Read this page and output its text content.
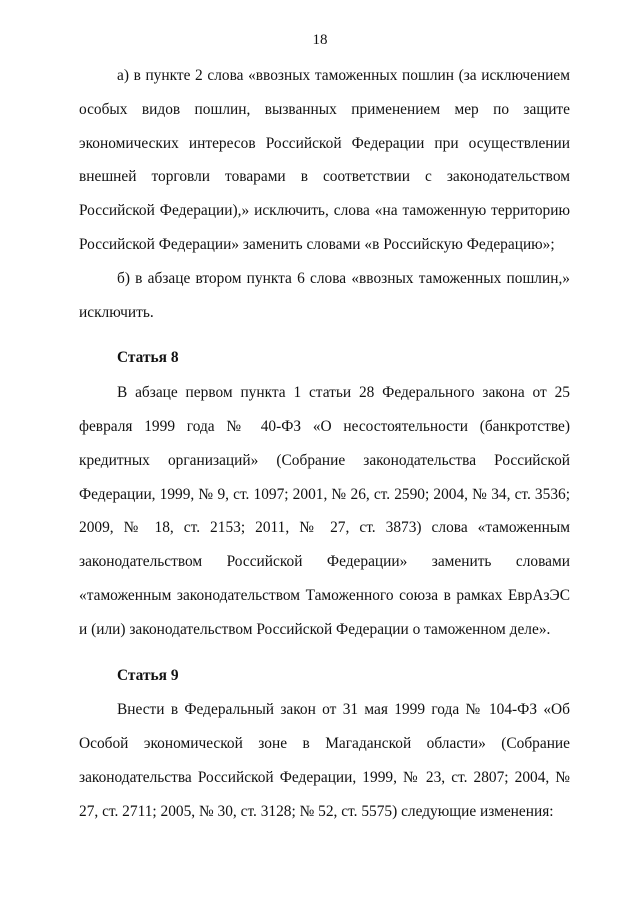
18

а) в пункте 2 слова «ввозных таможенных пошлин (за исключением особых видов пошлин, вызванных применением мер по защите экономических интересов Российской Федерации при осуществлении внешней торговли товарами в соответствии с законодательством Российской Федерации),» исключить, слова «на таможенную территорию Российской Федерации» заменить словами «в Российскую Федерацию»;

б) в абзаце втором пункта 6 слова «ввозных таможенных пошлин,» исключить.

Статья 8

В абзаце первом пункта 1 статьи 28 Федерального закона от 25 февраля 1999 года № 40-ФЗ «О несостоятельности (банкротстве) кредитных организаций» (Собрание законодательства Российской Федерации, 1999, № 9, ст. 1097; 2001, № 26, ст. 2590; 2004, № 34, ст. 3536; 2009, № 18, ст. 2153; 2011, № 27, ст. 3873) слова «таможенным законодательством Российской Федерации» заменить словами «таможенным законодательством Таможенного союза в рамках ЕврАзЭС и (или) законодательством Российской Федерации о таможенном деле».

Статья 9

Внести в Федеральный закон от 31 мая 1999 года № 104-ФЗ «Об Особой экономической зоне в Магаданской области» (Собрание законодательства Российской Федерации, 1999, № 23, ст. 2807; 2004, № 27, ст. 2711; 2005, № 30, ст. 3128; № 52, ст. 5575) следующие изменения:
